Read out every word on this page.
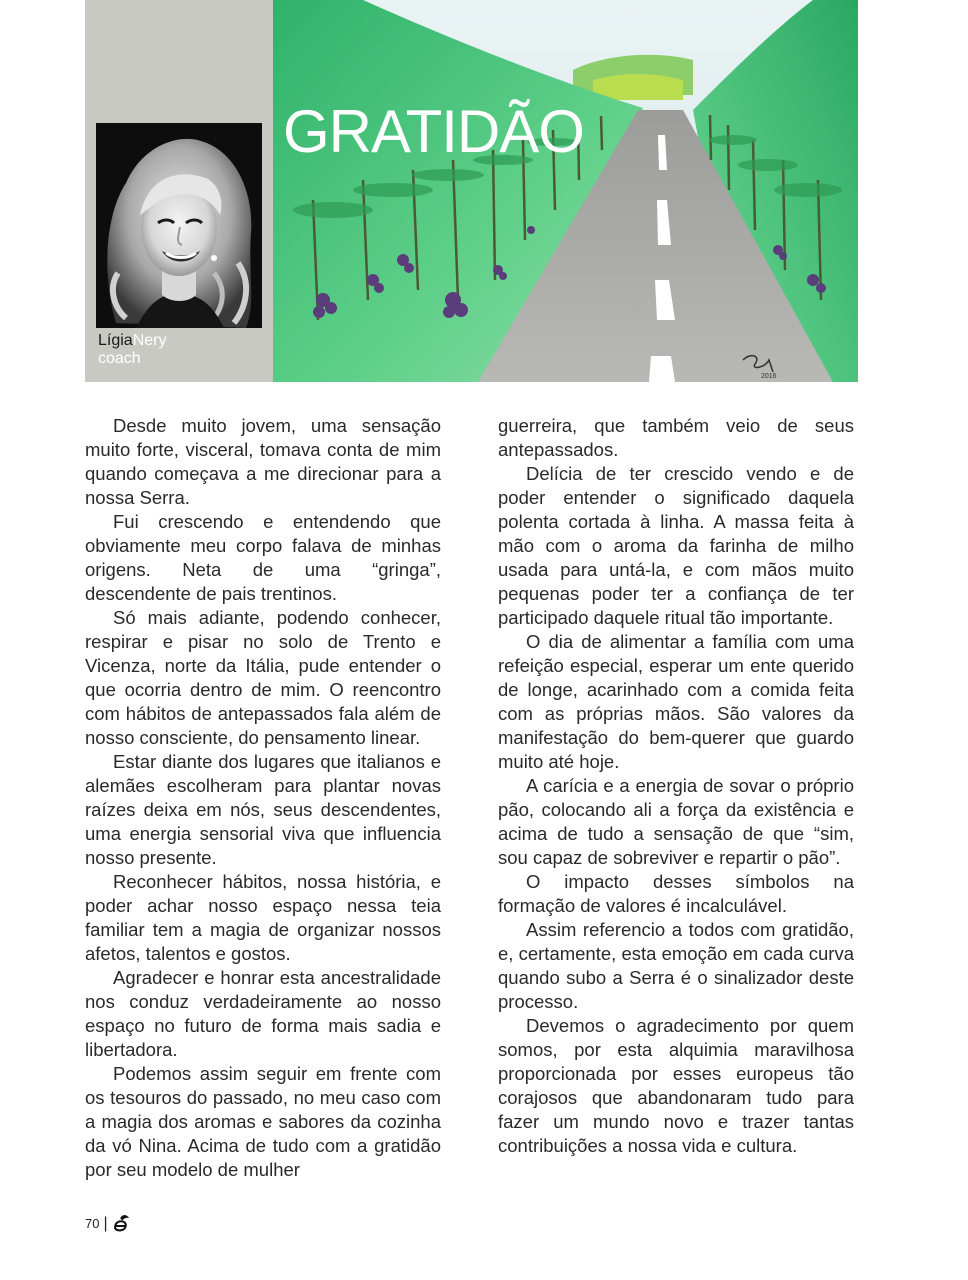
LígiaNery
coach
2016
GRATIDÃO

Desde muito jovem, uma sensação muito forte, visceral, tomava conta de mim quando começava a me direcionar para a nossa Serra.

Fui crescendo e entendendo que obviamente meu corpo falava de minhas origens. Neta de uma “gringa”, descendente de pais trentinos.

Só mais adiante, podendo conhecer, respirar e pisar no solo de Trento e Vicenza, norte da Itália, pude entender o que ocorria dentro de mim. O reencontro com hábitos de antepassados fala além de nosso consciente, do pensamento linear.

Estar diante dos lugares que italianos e alemães escolheram para plantar novas raízes deixa em nós, seus descendentes, uma energia sensorial viva que influencia nosso presente.

Reconhecer hábitos, nossa história, e poder achar nosso espaço nessa teia familiar tem a magia de organizar nossos afetos, talentos e gostos.

Agradecer e honrar esta ancestralidade nos conduz verdadeiramente ao nosso espaço no futuro de forma mais sadia e libertadora.

Podemos assim seguir em frente com os tesouros do passado, no meu caso com a magia dos aromas e sabores da cozinha da vó Nina. Acima de tudo com a gratidão por seu modelo de mulher

guerreira, que também veio de seus antepassados.

Delícia de ter crescido vendo e de poder entender o significado daquela polenta cortada à linha. A massa feita à mão com o aroma da farinha de milho usada para untá-la, e com mãos muito pequenas poder ter a confiança de ter participado daquele ritual tão importante.

O dia de alimentar a família com uma refeição especial, esperar um ente querido de longe, acarinhado com a comida feita com as próprias mãos. São valores da manifestação do bem-querer que guardo muito até hoje.

A carícia e a energia de sovar o próprio pão, colocando ali a força da existência e acima de tudo a sensação de que “sim, sou capaz de sobreviver e repartir o pão”.

O impacto desses símbolos na formação de valores é incalculável.

Assim referencio a todos com gratidão, e, certamente, esta emoção em cada curva quando subo a Serra é o sinalizador deste processo.

Devemos o agradecimento por quem somos, por esta alquimia maravilhosa proporcionada por esses europeus tão corajosos que abandonaram tudo para fazer um mundo novo e trazer tantas contribuições a nossa vida e cultura.

70 |
